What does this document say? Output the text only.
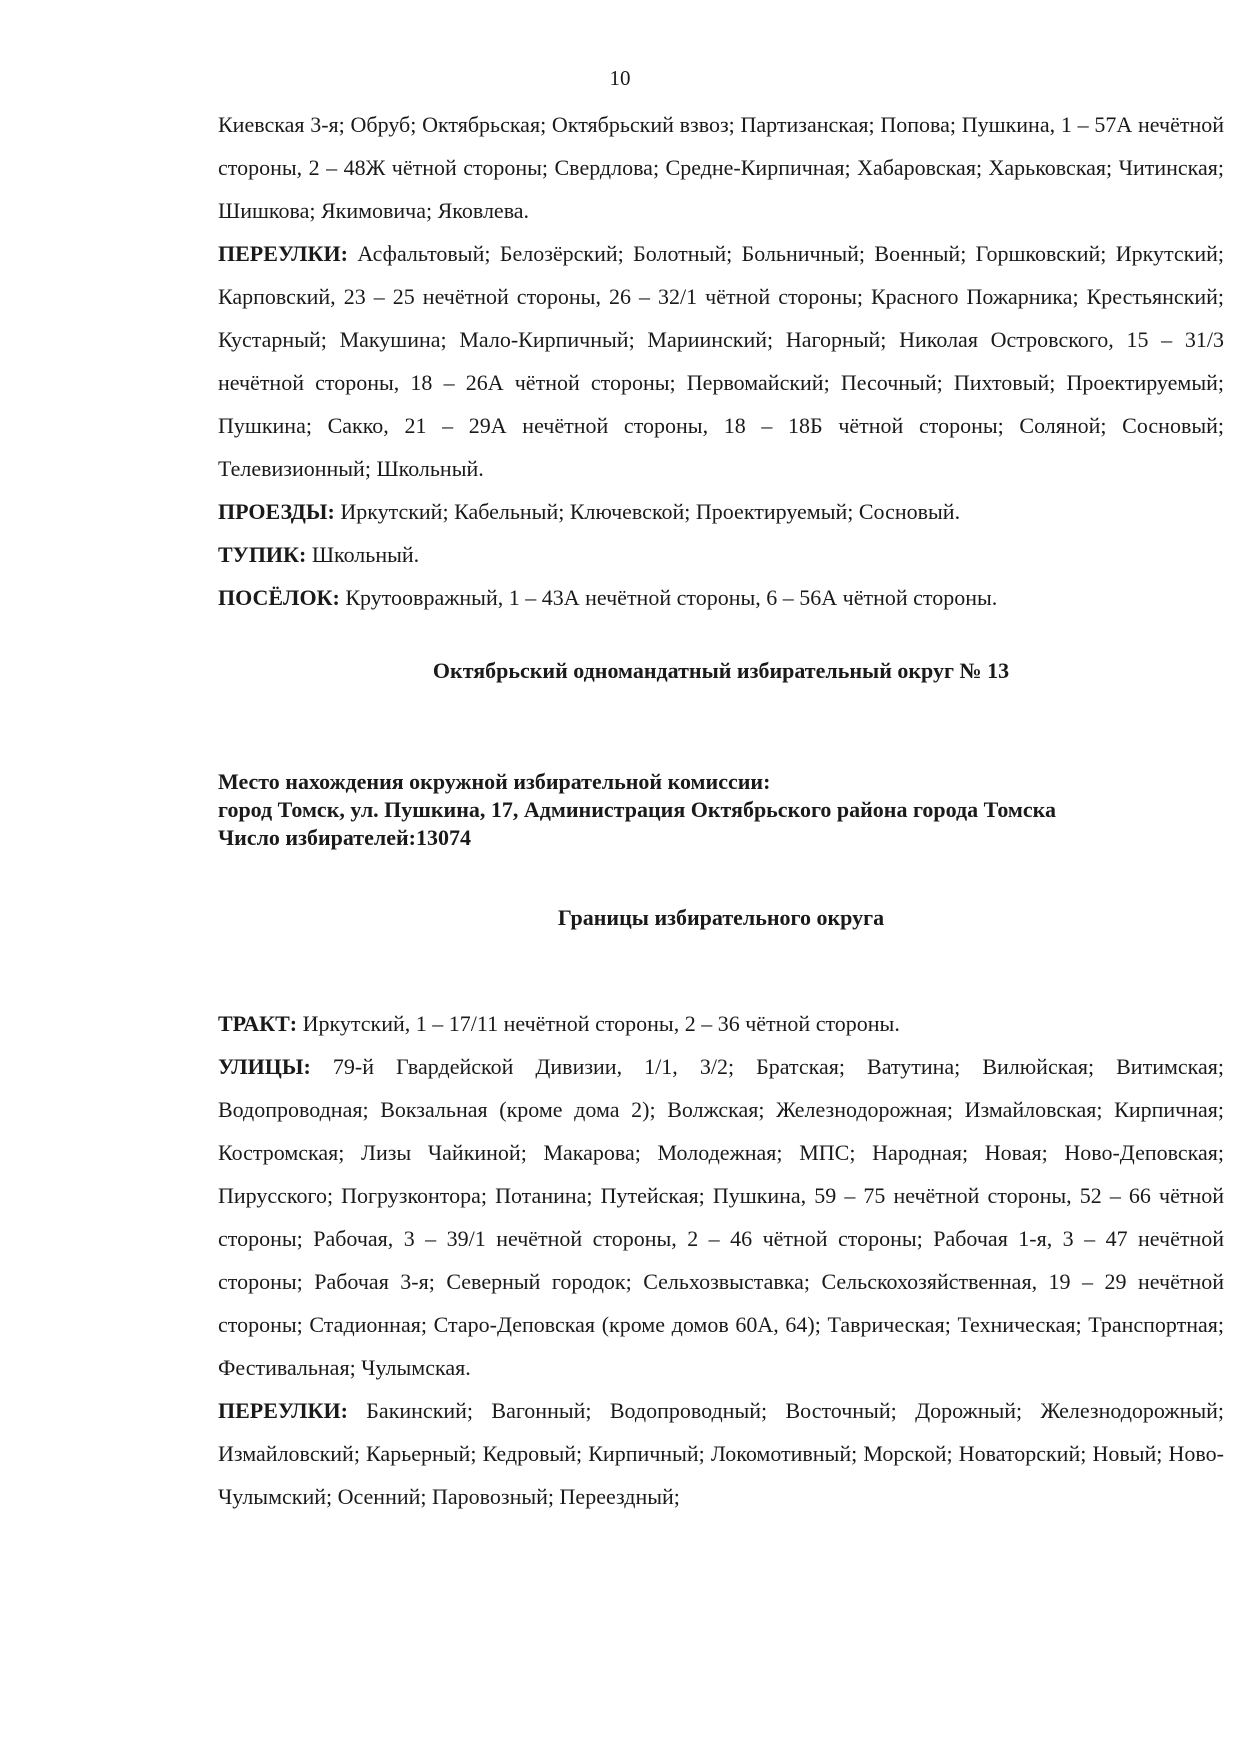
10

Киевская 3-я; Обруб; Октябрьская; Октябрьский взвоз; Партизанская; Попова; Пушкина, 1 – 57А нечётной стороны, 2 – 48Ж чётной стороны; Свердлова; Средне-Кирпичная; Хабаровская; Харьковская; Читинская; Шишкова; Якимовича; Яковлева.

ПЕРЕУЛКИ: Асфальтовый; Белозёрский; Болотный; Больничный; Военный; Горшковский; Иркутский; Карповский, 23 – 25 нечётной стороны, 26 – 32/1 чётной стороны; Красного Пожарника; Крестьянский; Кустарный; Макушина; Мало-Кирпичный; Мариинский; Нагорный; Николая Островского, 15 – 31/3 нечётной стороны, 18 – 26А чётной стороны; Первомайский; Песочный; Пихтовый; Проектируемый; Пушкина; Сакко, 21 – 29А нечётной стороны, 18 – 18Б чётной стороны; Соляной; Сосновый; Телевизионный; Школьный.

ПРОЕЗДЫ: Иркутский; Кабельный; Ключевской; Проектируемый; Сосновый.

ТУПИК: Школьный.

ПОСЁЛОК: Крутоовражный, 1 – 43А нечётной стороны, 6 – 56А чётной стороны.

Октябрьский одномандатный избирательный округ № 13
Место нахождения окружной избирательной комиссии:
город Томск, ул. Пушкина, 17, Администрация Октябрьского района города Томска
Число избирателей:13074
Границы избирательного округа

ТРАКТ: Иркутский, 1 – 17/11 нечётной стороны, 2 – 36 чётной стороны.

УЛИЦЫ: 79-й Гвардейской Дивизии, 1/1, 3/2; Братская; Ватутина; Вилюйская; Витимская; Водопроводная; Вокзальная (кроме дома 2); Волжская; Железнодорожная; Измайловская; Кирпичная; Костромская; Лизы Чайкиной; Макарова; Молодежная; МПС; Народная; Новая; Ново-Деповская; Пирусского; Погрузконтора; Потанина; Путейская; Пушкина, 59 – 75 нечётной стороны, 52 – 66 чётной стороны; Рабочая, 3 – 39/1 нечётной стороны, 2 – 46 чётной стороны; Рабочая 1-я, 3 – 47 нечётной стороны; Рабочая 3-я; Северный городок; Сельхозвыставка; Сельскохозяйственная, 19 – 29 нечётной стороны; Стадионная; Старо-Деповская (кроме домов 60А, 64); Таврическая; Техническая; Транспортная; Фестивальная; Чулымская.

ПЕРЕУЛКИ: Бакинский; Вагонный; Водопроводный; Восточный; Дорожный; Железнодорожный; Измайловский; Карьерный; Кедровый; Кирпичный; Локомотивный; Морской; Новаторский; Новый; Ново-Чулымский; Осенний; Паровозный; Переездный;
